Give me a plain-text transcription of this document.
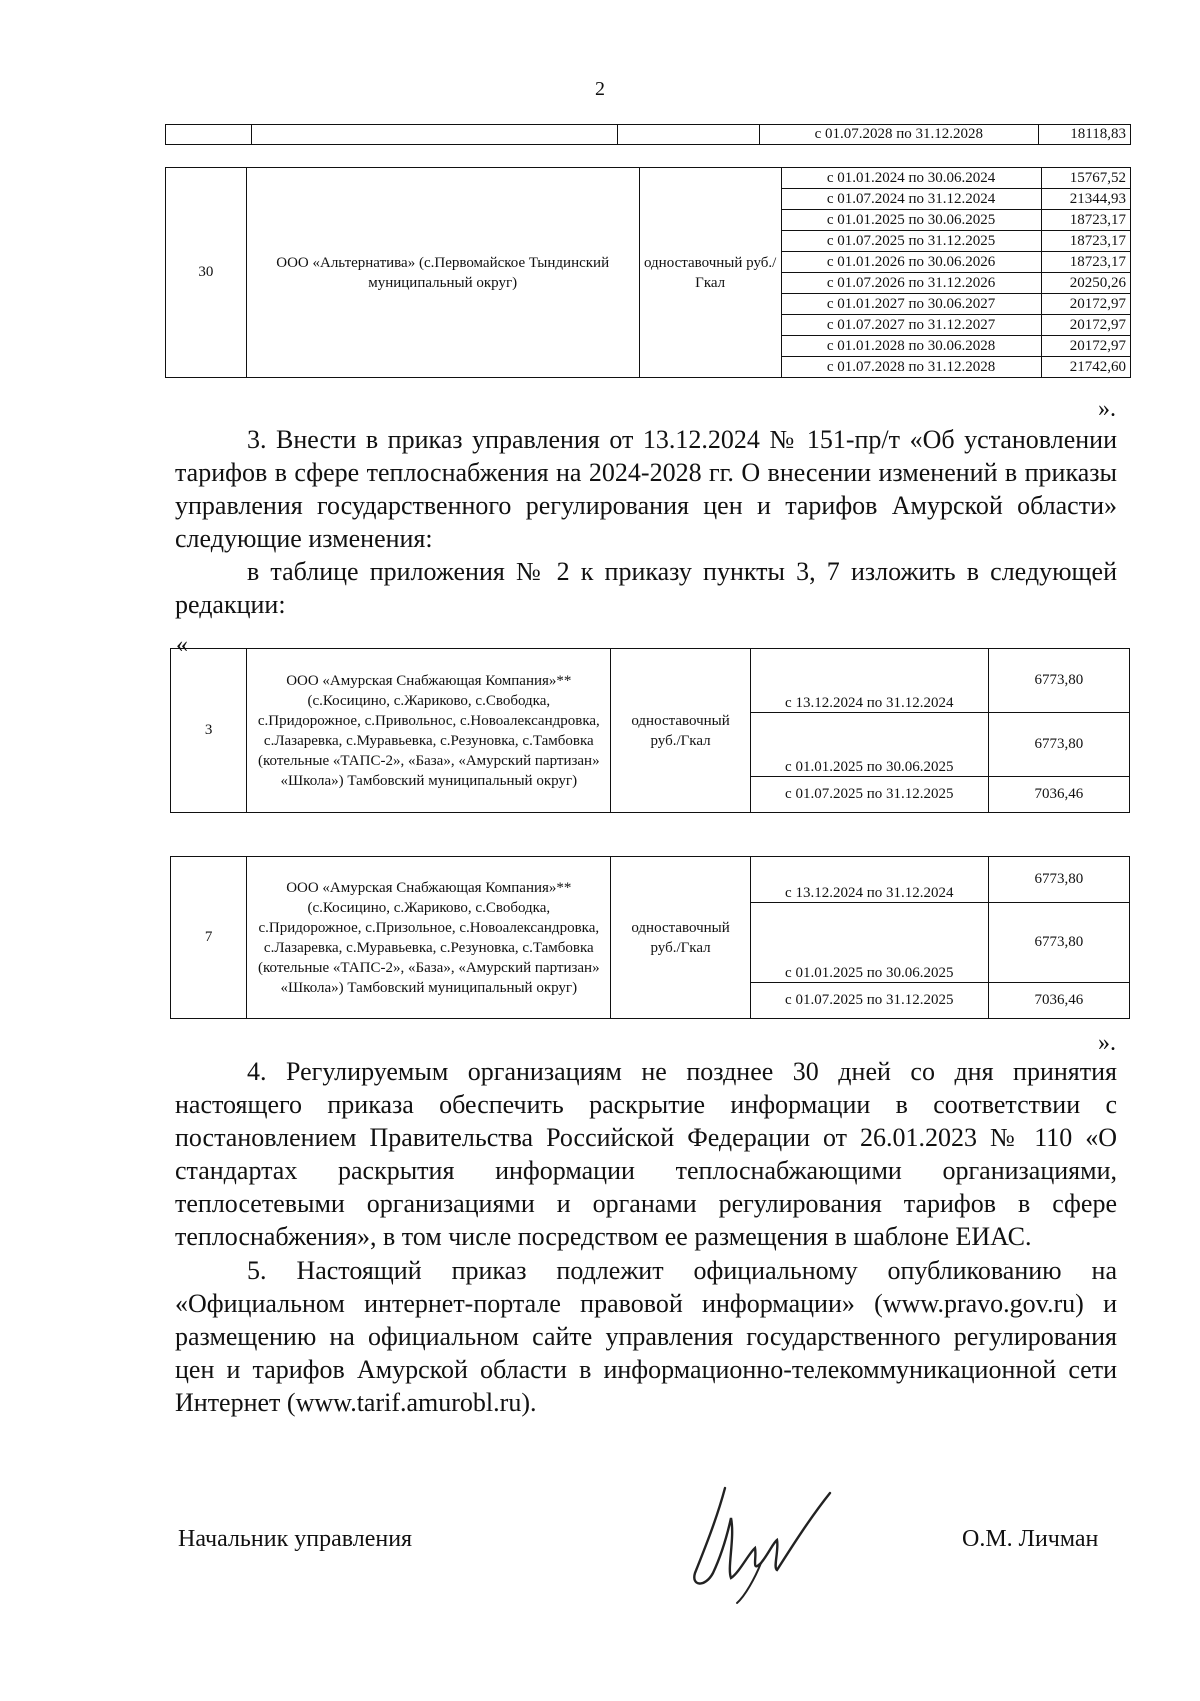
2
			с 01.07.2028 по 31.12.2028	18118,83
30	ООО «Альтернатива» (с.Первомайское Тындинский муниципальный округ)	одноставочный руб./Гкал	с 01.01.2024 по 30.06.2024	15767,52
			с 01.07.2024 по 31.12.2024	21344,93
			с 01.01.2025 по 30.06.2025	18723,17
			с 01.07.2025 по 31.12.2025	18723,17
			с 01.01.2026 по 30.06.2026	18723,17
			с 01.07.2026 по 31.12.2026	20250,26
			с 01.01.2027 по 30.06.2027	20172,97
			с 01.07.2027 по 31.12.2027	20172,97
			с 01.01.2028 по 30.06.2028	20172,97
			с 01.07.2028 по 31.12.2028	21742,60
».
3. Внести в приказ управления от 13.12.2024 № 151-пр/т «Об установлении тарифов в сфере теплоснабжения на 2024-2028 гг. О внесении изменений в приказы управления государственного регулирования цен и тарифов Амурской области» следующие изменения:
в таблице приложения № 2 к приказу пункты 3, 7 изложить в следующей редакции:
«
3	ООО «Амурская Снабжающая Компания»** (с.Косицино, с.Жариково, с.Свободка, с.Придорожное, с.Привольнос, с.Новоалександровка, с.Лазаревка, с.Муравьевка, с.Резуновка, с.Тамбовка (котельные «ТАПС-2», «База», «Амурский партизан» «Школа») Тамбовский муниципальный округ)	одноставочный руб./Гкал	с 13.12.2024 по 31.12.2024	6773,80
			с 01.01.2025 по 30.06.2025	6773,80
			с 01.07.2025 по 31.12.2025	7036,46
7	ООО «Амурская Снабжающая Компания»** (с.Косицино, с.Жариково, с.Свободка, с.Придорожное, с.Призольное, с.Новоалександровка, с.Лазаревка, с.Муравьевка, с.Резуновка, с.Тамбовка (котельные «ТАПС-2», «База», «Амурский партизан» «Школа») Тамбовский муниципальный округ)	одноставочный руб./Гкал	с 13.12.2024 по 31.12.2024	6773,80
			с 01.01.2025 по 30.06.2025	6773,80
			с 01.07.2025 по 31.12.2025	7036,46
».
4. Регулируемым организациям не позднее 30 дней со дня принятия настоящего приказа обеспечить раскрытие информации в соответствии с постановлением Правительства Российской Федерации от 26.01.2023 № 110 «О стандартах раскрытия информации теплоснабжающими организациями, теплосетевыми организациями и органами регулирования тарифов в сфере теплоснабжения», в том числе посредством ее размещения в шаблоне ЕИАС.
5. Настоящий приказ подлежит официальному опубликованию на «Официальном интернет-портале правовой информации» (www.pravo.gov.ru) и размещению на официальном сайте управления государственного регулирования цен и тарифов Амурской области в информационно-телекоммуникационной сети Интернет (www.tarif.amurobl.ru).
Начальник управления	О.М. Личман
